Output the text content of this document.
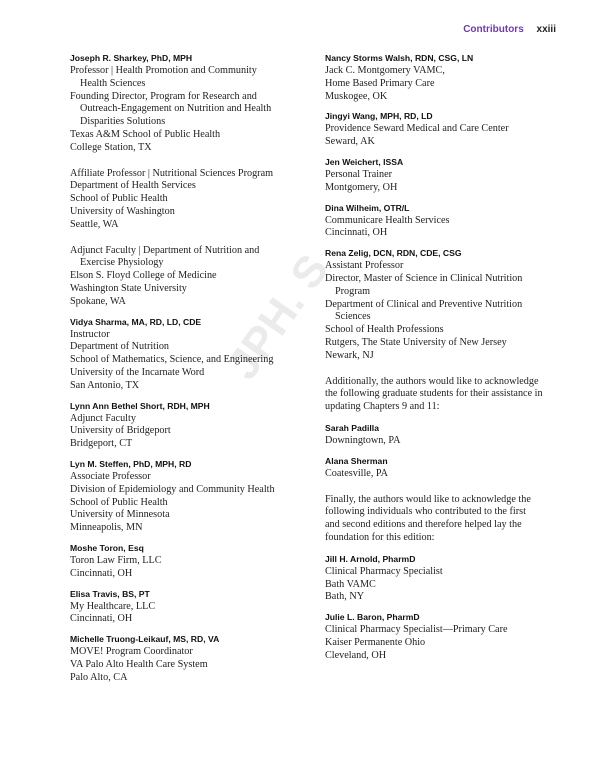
Contributors xxiii
JPH. S
Joseph R. Sharkey, PhD, MPH
Professor | Health Promotion and Community
Health Sciences
Founding Director, Program for Research and
Outreach-Engagement on Nutrition and Health
Disparities Solutions
Texas A&M School of Public Health
College Station, TX
Affiliate Professor | Nutritional Sciences Program
Department of Health Services
School of Public Health
University of Washington
Seattle, WA
Adjunct Faculty | Department of Nutrition and
Exercise Physiology
Elson S. Floyd College of Medicine
Washington State University
Spokane, WA
Vidya Sharma, MA, RD, LD, CDE
Instructor
Department of Nutrition
School of Mathematics, Science, and Engineering
University of the Incarnate Word
San Antonio, TX
Lynn Ann Bethel Short, RDH, MPH
Adjunct Faculty
University of Bridgeport
Bridgeport, CT
Lyn M. Steffen, PhD, MPH, RD
Associate Professor
Division of Epidemiology and Community Health
School of Public Health
University of Minnesota
Minneapolis, MN
Moshe Toron, Esq
Toron Law Firm, LLC
Cincinnati, OH
Elisa Travis, BS, PT
My Healthcare, LLC
Cincinnati, OH
Michelle Truong-Leikauf, MS, RD, VA
MOVE! Program Coordinator
VA Palo Alto Health Care System
Palo Alto, CA
Nancy Storms Walsh, RDN, CSG, LN
Jack C. Montgomery VAMC,
Home Based Primary Care
Muskogee, OK
Jingyi Wang, MPH, RD, LD
Providence Seward Medical and Care Center
Seward, AK
Jen Weichert, ISSA
Personal Trainer
Montgomery, OH
Dina Wilheim, OTR/L
Communicare Health Services
Cincinnati, OH
Rena Zelig, DCN, RDN, CDE, CSG
Assistant Professor
Director, Master of Science in Clinical Nutrition
Program
Department of Clinical and Preventive Nutrition
Sciences
School of Health Professions
Rutgers, The State University of New Jersey
Newark, NJ
Additionally, the authors would like to acknowledge
the following graduate students for their assistance in
updating Chapters 9 and 11:
Sarah Padilla
Downingtown, PA
Alana Sherman
Coatesville, PA
Finally, the authors would like to acknowledge the
following individuals who contributed to the first
and second editions and therefore helped lay the
foundation for this edition:
Jill H. Arnold, PharmD
Clinical Pharmacy Specialist
Bath VAMC
Bath, NY
Julie L. Baron, PharmD
Clinical Pharmacy Specialist—Primary Care
Kaiser Permanente Ohio
Cleveland, OH
